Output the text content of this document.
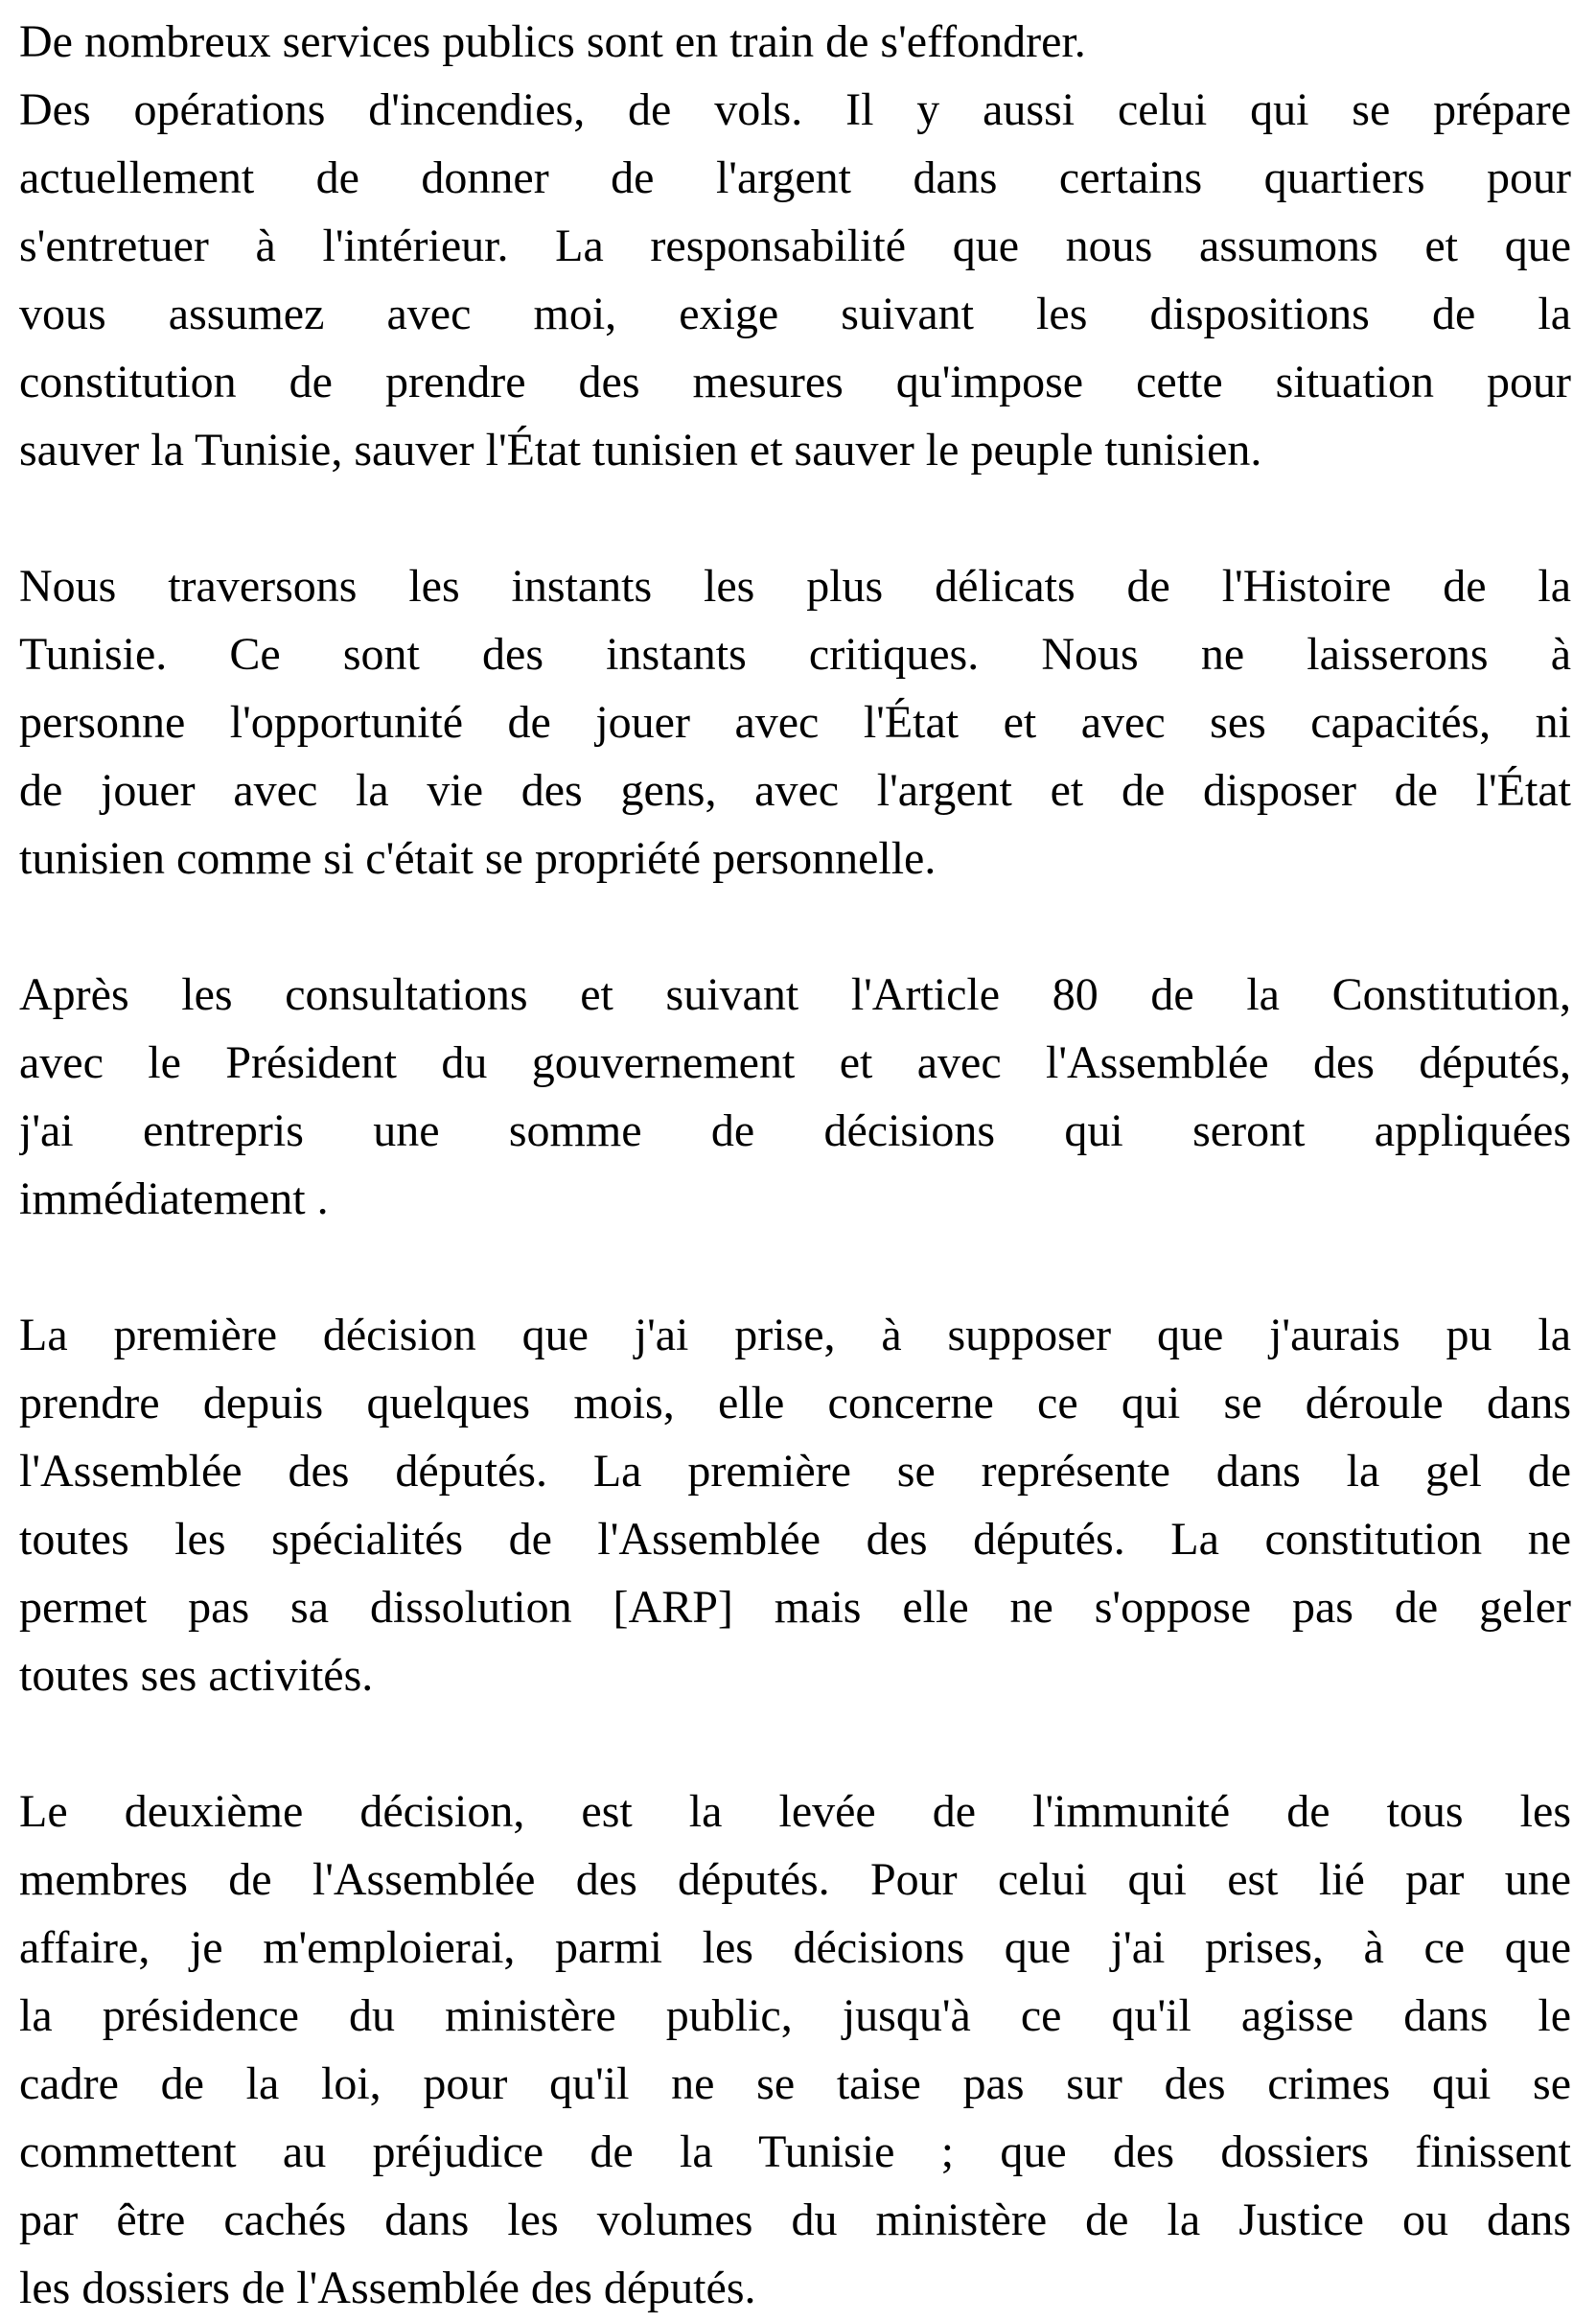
De nombreux services publics sont en train de s'effondrer.
Des opérations d'incendies, de vols. Il y aussi celui qui se prépare
actuellement de donner de l'argent dans certains quartiers pour
s'entretuer à l'intérieur. La responsabilité que nous assumons et que
vous assumez avec moi, exige suivant les dispositions de la
constitution de prendre des mesures qu'impose cette situation pour
sauver la Tunisie, sauver l'État tunisien et sauver le peuple tunisien.
Nous traversons les instants les plus délicats de l'Histoire de la
Tunisie. Ce sont des instants critiques. Nous ne laisserons à
personne l'opportunité de jouer avec l'État et avec ses capacités, ni
de jouer avec la vie des gens, avec l'argent et de disposer de l'État
tunisien comme si c'était se propriété personnelle.
Après les consultations et suivant l'Article 80 de la Constitution,
avec le Président du gouvernement et avec l'Assemblée des députés,
j'ai entrepris une somme de décisions qui seront appliquées
immédiatement .
La première décision que j'ai prise, à supposer que j'aurais pu la
prendre depuis quelques mois, elle concerne ce qui se déroule dans
l'Assemblée des députés. La première se représente dans la gel de
toutes les spécialités de l'Assemblée des députés. La constitution ne
permet pas sa dissolution [ARP] mais elle ne s'oppose pas de geler
toutes ses activités.
Le deuxième décision, est la levée de l'immunité de tous les
membres de l'Assemblée des députés. Pour celui qui est lié par une
affaire, je m'emploierai, parmi les décisions que j'ai prises, à ce que
la présidence du ministère public, jusqu'à ce qu'il agisse dans le
cadre de la loi, pour qu'il ne se taise pas sur des crimes qui se
commettent au préjudice de la Tunisie ; que des dossiers finissent
par être cachés dans les volumes du ministère de la Justice ou dans
les dossiers de l'Assemblée des députés.
